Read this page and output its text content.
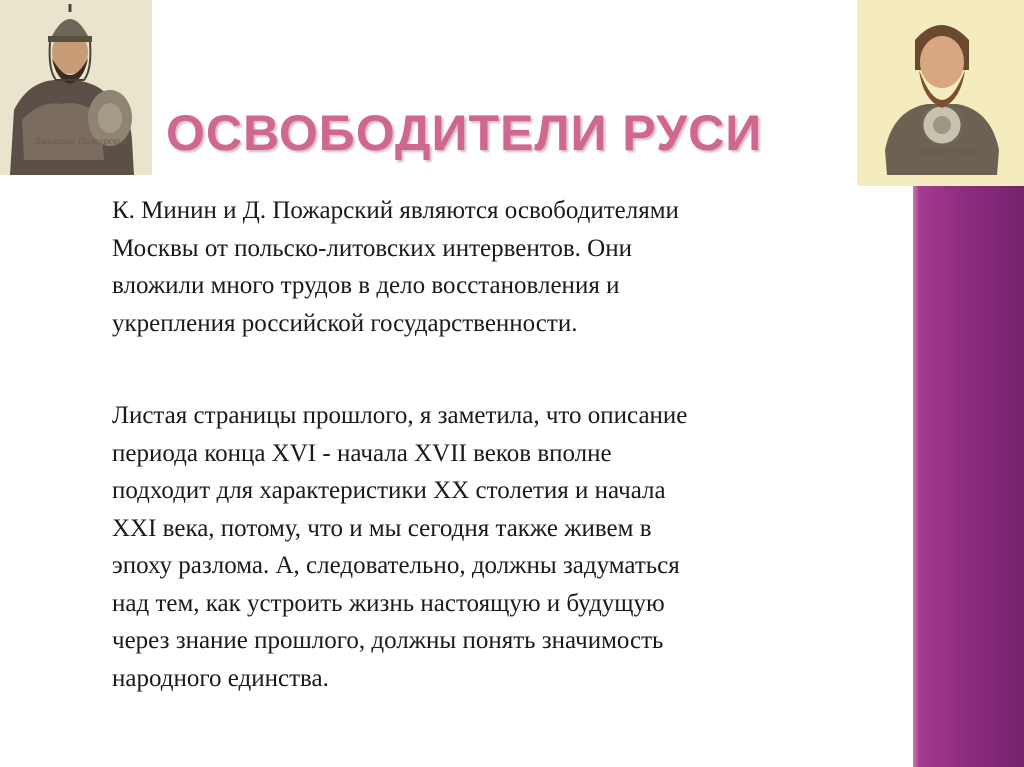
Дмитрий Пожарский
Кузьма Минин
ОСВОБОДИТЕЛИ РУСИ
К. Минин и Д. Пожарский являются освободителями
Москвы от польско-литовских интервентов. Они
вложили много трудов в дело восстановления и
укрепления российской государственности.
Листая страницы прошлого, я заметила, что описание
периода конца XVI - начала XVII веков вполне
подходит для характеристики XX столетия и начала
XXI века, потому, что и мы сегодня также живем в
эпоху разлома. А, следовательно, должны задуматься
над тем, как устроить жизнь настоящую и будущую
через знание прошлого, должны понять значимость
народного единства.
